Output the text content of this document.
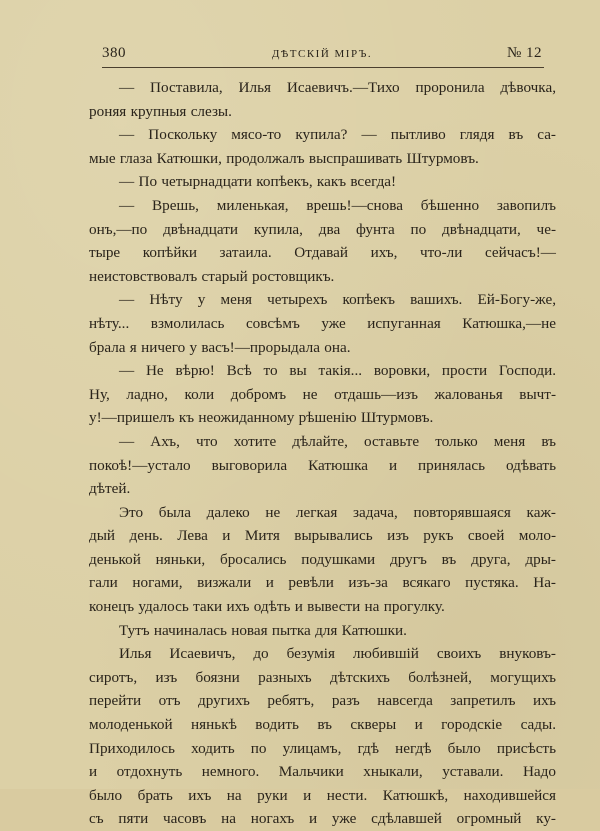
380	ДѢТСКІЙ МІРЪ.	№ 12
— Поставила, Илья Исаевичъ.—Тихо проронила дѣвочка,
роняя крупныя слезы.
— Поскольку мясо-то купила? — пытливо глядя въ са-
мые глаза Катюшки, продолжалъ выспрашивать Штурмовъ.
— По четырнадцати копѣекъ, какъ всегда!
— Врешь, миленькая, врешь!—снова бѣшенно завопилъ
онъ,—по двѣнадцати купила, два фунта по двѣнадцати, че-
тыре копѣйки затаила. Отдавай ихъ, что-ли сейчасъ!—
неистовствовалъ старый ростовщикъ.
— Нѣту у меня четырехъ копѣекъ вашихъ. Ей-Богу-же,
нѣту... взмолилась совсѣмъ уже испуганная Катюшка,—не
брала я ничего у васъ!—прорыдала она.
— Не вѣрю! Всѣ то вы такія... воровки, прости Господи.
Ну, ладно, коли добромъ не отдашь—изъ жалованья вычт-
у!—пришелъ къ неожиданному рѣшенію Штурмовъ.
— Ахъ, что хотите дѣлайте, оставьте только меня въ
покоѣ!—устало выговорила Катюшка и принялась одѣвать
дѣтей.
Это была далеко не легкая задача, повторявшаяся каж-
дый день. Лева и Митя вырывались изъ рукъ своей моло-
денькой няньки, бросались подушками другъ въ друга, дры-
гали ногами, визжали и ревѣли изъ-за всякаго пустяка. На-
конецъ удалось таки ихъ одѣть и вывести на прогулку.
Тутъ начиналась новая пытка для Катюшки.
Илья Исаевичъ, до безумія любившій своихъ внуковъ-
сиротъ, изъ боязни разныхъ дѣтскихъ болѣзней, могущихъ
перейти отъ другихъ ребятъ, разъ навсегда запретилъ ихъ
молоденькой нянькѣ водить въ скверы и городскіе сады.
Приходилось ходить по улицамъ, гдѣ негдѣ было присѣсть
и отдохнуть немного. Мальчики хныкали, уставали. Надо
было брать ихъ на руки и нести. Катюшкѣ, находившейся
съ пяти часовъ на ногахъ и уже сдѣлавшей огромный ку-
